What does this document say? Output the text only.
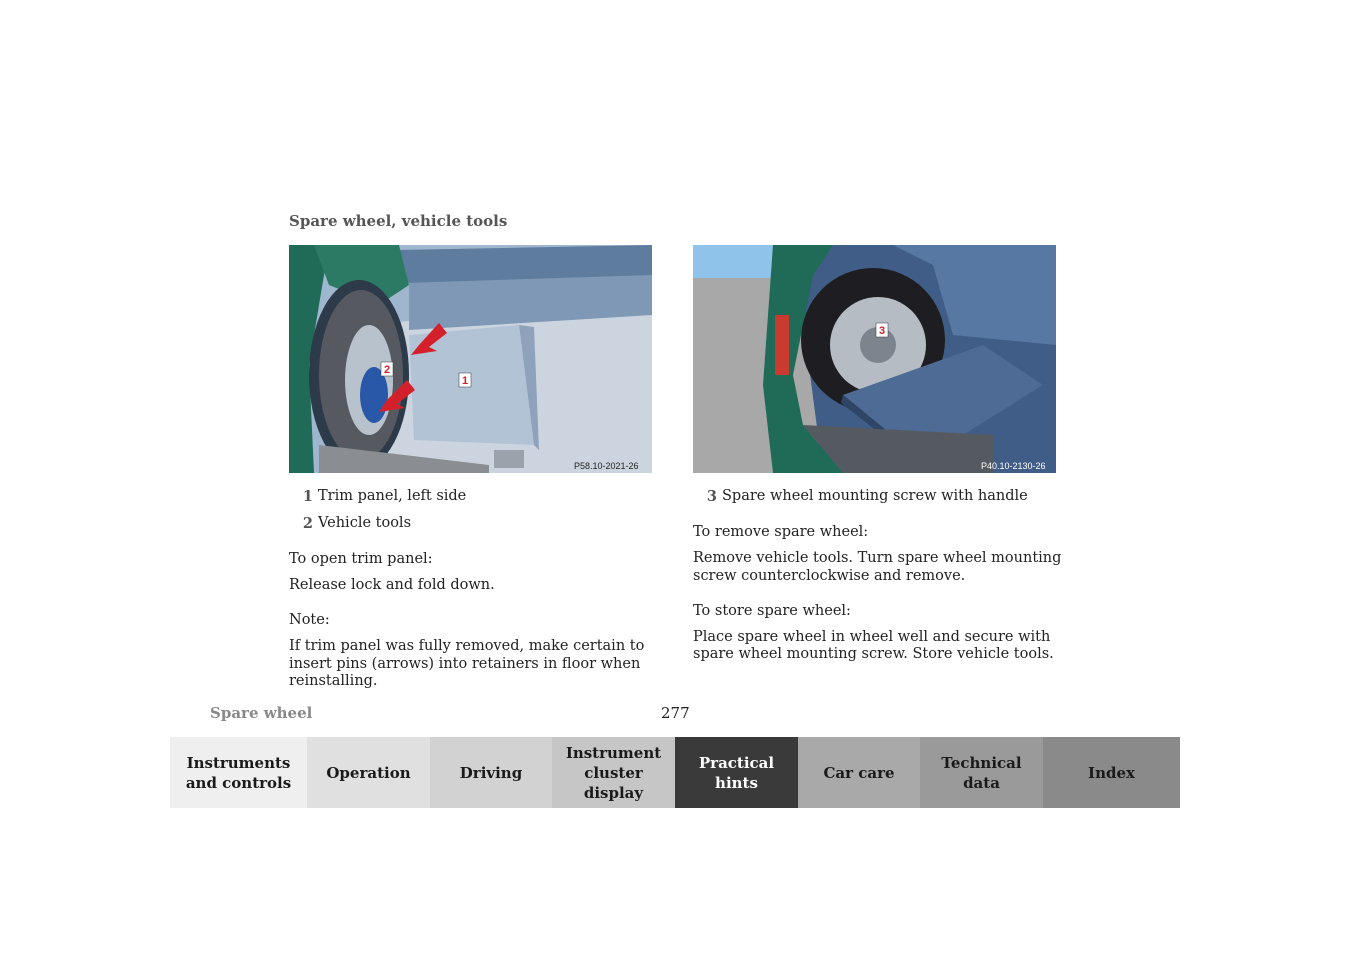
Spare wheel, vehicle tools
1
2
P58.10-2021-26
3
P40.10-2130-26
1 Trim panel, left side
2 Vehicle tools

To open trim panel:

Release lock and fold down.

Note:

If trim panel was fully removed, make certain to insert pins (arrows) into retainers in floor when reinstalling.

3 Spare wheel mounting screw with handle

To remove spare wheel:

Remove vehicle tools. Turn spare wheel mounting screw counterclockwise and remove.

To store spare wheel:

Place spare wheel in wheel well and secure with spare wheel mounting screw. Store vehicle tools.

Spare wheel	277
Instruments
and controls
Operation	Driving
Instrument
cluster display
Practical hints
Car care
Technical
data
Index
